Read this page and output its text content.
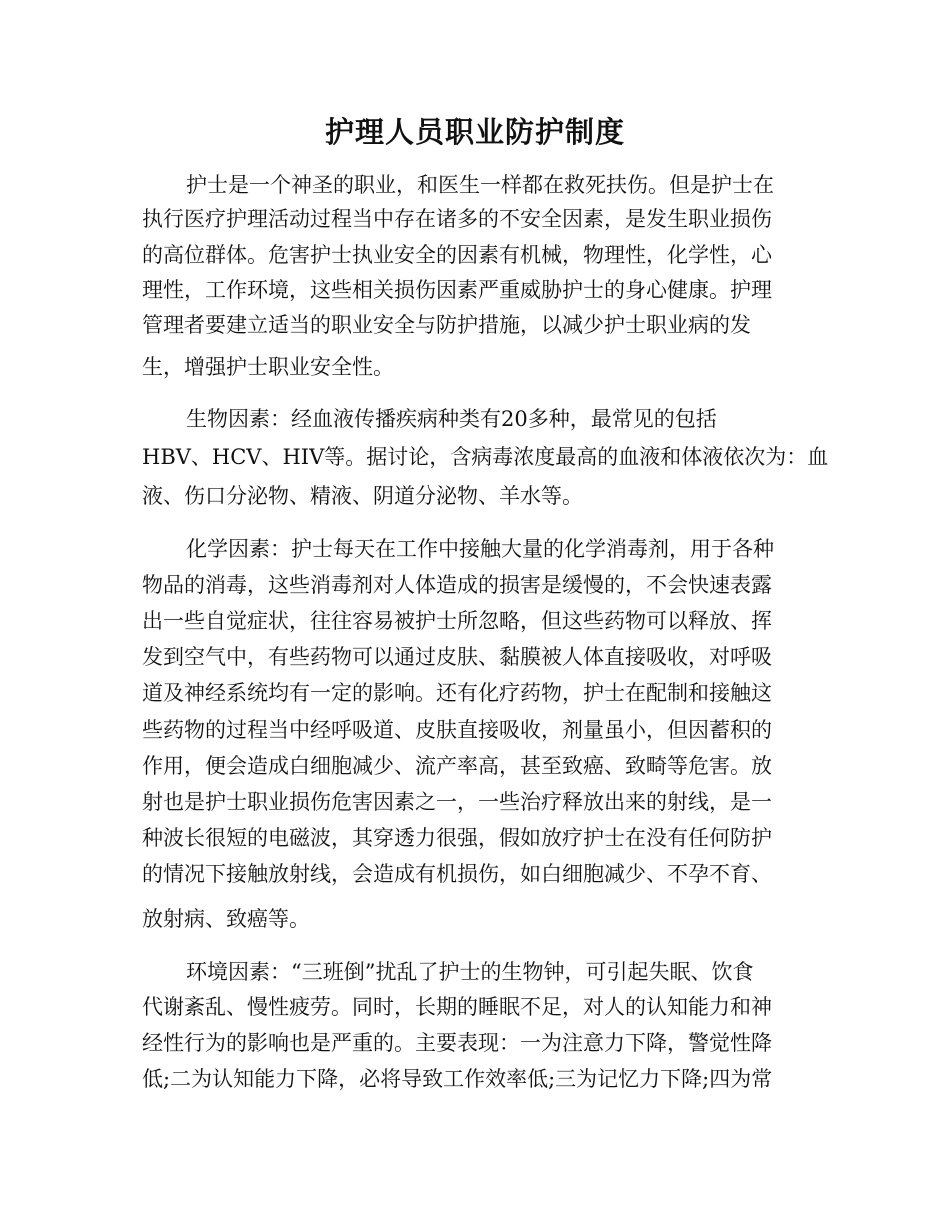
护理人员职业防护制度

护士是一个神圣的职业，和医生一样都在救死扶伤。但是护士在

执行医疗护理活动过程当中存在诸多的不安全因素，是发生职业损伤

的高位群体。危害护士执业安全的因素有机械，物理性，化学性，心

理性，工作环境，这些相关损伤因素严重威胁护士的身心健康。护理

管理者要建立适当的职业安全与防护措施，以减少护士职业病的发

生，增强护士职业安全性。

生物因素：经血液传播疾病种类有20多种，最常见的包括

HBV、HCV、HIV等。据讨论，含病毒浓度最高的血液和体液依次为：血

液、伤口分泌物、精液、阴道分泌物、羊水等。

化学因素：护士每天在工作中接触大量的化学消毒剂，用于各种

物品的消毒，这些消毒剂对人体造成的损害是缓慢的，不会快速表露

出一些自觉症状，往往容易被护士所忽略，但这些药物可以释放、挥

发到空气中，有些药物可以通过皮肤、黏膜被人体直接吸收，对呼吸

道及神经系统均有一定的影响。还有化疗药物，护士在配制和接触这

些药物的过程当中经呼吸道、皮肤直接吸收，剂量虽小，但因蓄积的

作用，便会造成白细胞减少、流产率高，甚至致癌、致畸等危害。放

射也是护士职业损伤危害因素之一，一些治疗释放出来的射线，是一

种波长很短的电磁波，其穿透力很强，假如放疗护士在没有任何防护

的情况下接触放射线，会造成有机损伤，如白细胞减少、不孕不育、

放射病、致癌等。

环境因素：“三班倒”扰乱了护士的生物钟，可引起失眠、饮食

代谢紊乱、慢性疲劳。同时，长期的睡眠不足，对人的认知能力和神

经性行为的影响也是严重的。主要表现：一为注意力下降，警觉性降

低;二为认知能力下降，必将导致工作效率低;三为记忆力下降;四为常
